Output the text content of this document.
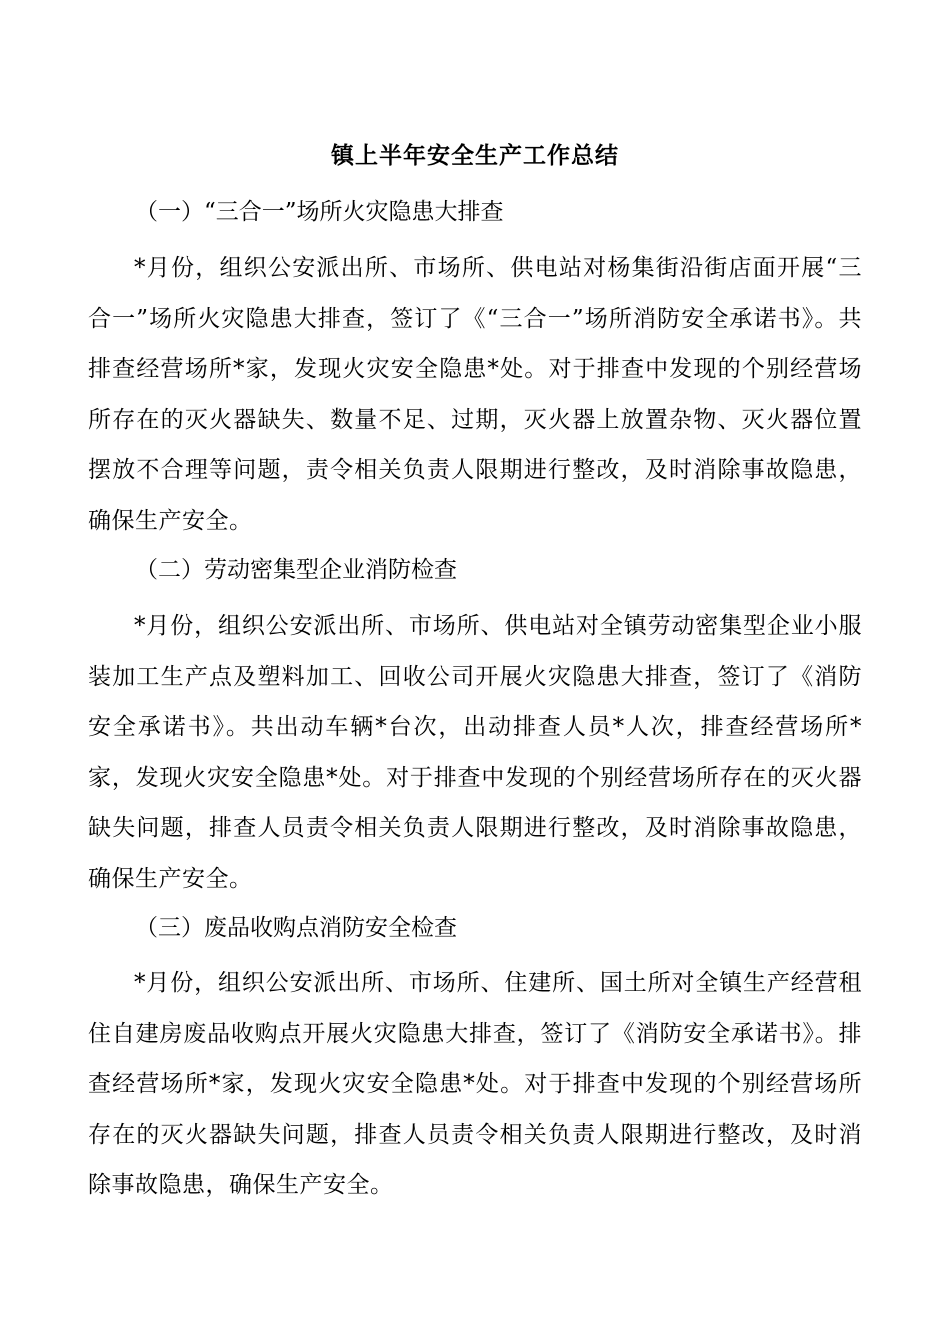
镇上半年安全生产工作总结

（一）“三合一”场所火灾隐患大排查

*月份，组织公安派出所、市场所、供电站对杨集街沿街店面开展“三合一”场所火灾隐患大排查，签订了《“三合一”场所消防安全承诺书》。共排查经营场所*家，发现火灾安全隐患*处。对于排查中发现的个别经营场所存在的灭火器缺失、数量不足、过期，灭火器上放置杂物、灭火器位置摆放不合理等问题，责令相关负责人限期进行整改，及时消除事故隐患，确保生产安全。

（二）劳动密集型企业消防检查

*月份，组织公安派出所、市场所、供电站对全镇劳动密集型企业小服装加工生产点及塑料加工、回收公司开展火灾隐患大排查，签订了《消防安全承诺书》。共出动车辆*台次，出动排查人员*人次，排查经营场所*家，发现火灾安全隐患*处。对于排查中发现的个别经营场所存在的灭火器缺失问题，排查人员责令相关负责人限期进行整改，及时消除事故隐患，确保生产安全。

（三）废品收购点消防安全检查

*月份，组织公安派出所、市场所、住建所、国土所对全镇生产经营租住自建房废品收购点开展火灾隐患大排查，签订了《消防安全承诺书》。排查经营场所*家，发现火灾安全隐患*处。对于排查中发现的个别经营场所存在的灭火器缺失问题，排查人员责令相关负责人限期进行整改，及时消除事故隐患，确保生产安全。
